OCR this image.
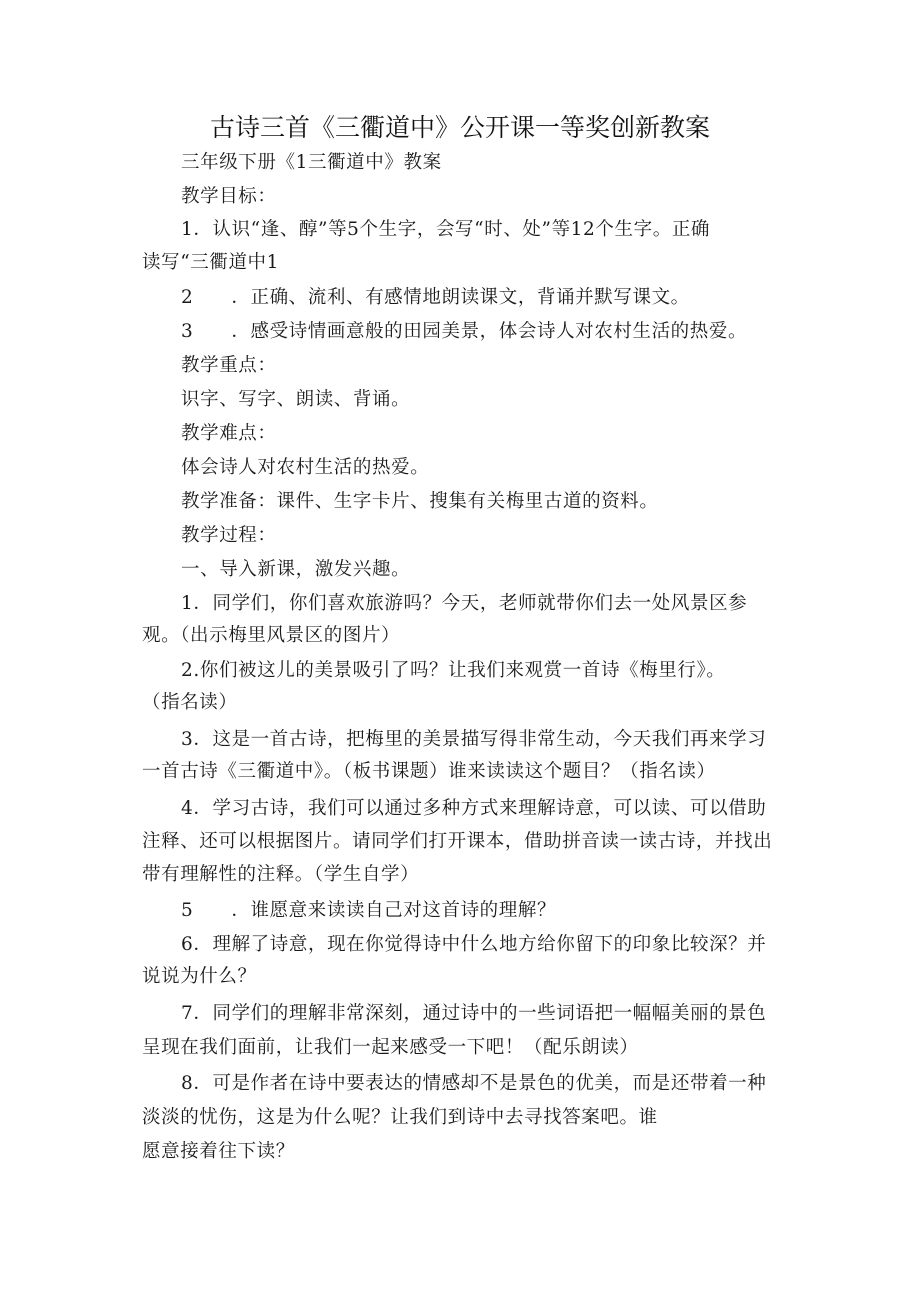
古诗三首《三衢道中》公开课一等奖创新教案
三年级下册《1三衢道中》教案
教学目标：
1．认识“逢、醇”等5个生字，会写“时、处”等12个生字。正确
读写“三衢道中1
2 ．正确、流利、有感情地朗读课文，背诵并默写课文。
3 ．感受诗情画意般的田园美景，体会诗人对农村生活的热爱。
教学重点：
识字、写字、朗读、背诵。
教学难点：
体会诗人对农村生活的热爱。
教学准备：课件、生字卡片、搜集有关梅里古道的资料。
教学过程：
一、导入新课，激发兴趣。
1．同学们，你们喜欢旅游吗？今天，老师就带你们去一处风景区参
观。（出示梅里风景区的图片）
2.你们被这儿的美景吸引了吗？让我们来观赏一首诗《梅里行》。
（指名读）
3．这是一首古诗，把梅里的美景描写得非常生动，今天我们再来学习
一首古诗《三衢道中》。（板书课题）谁来读读这个题目？（指名读）
4．学习古诗，我们可以通过多种方式来理解诗意，可以读、可以借助
注释、还可以根据图片。请同学们打开课本，借助拼音读一读古诗，并找出
带有理解性的注释。（学生自学）
5 ．谁愿意来读读自己对这首诗的理解？
6．理解了诗意，现在你觉得诗中什么地方给你留下的印象比较深？并
说说为什么？
7．同学们的理解非常深刻，通过诗中的一些词语把一幅幅美丽的景色
呈现在我们面前，让我们一起来感受一下吧！（配乐朗读）
8．可是作者在诗中要表达的情感却不是景色的优美，而是还带着一种
淡淡的忧伤，这是为什么呢？让我们到诗中去寻找答案吧。谁
愿意接着往下读？
